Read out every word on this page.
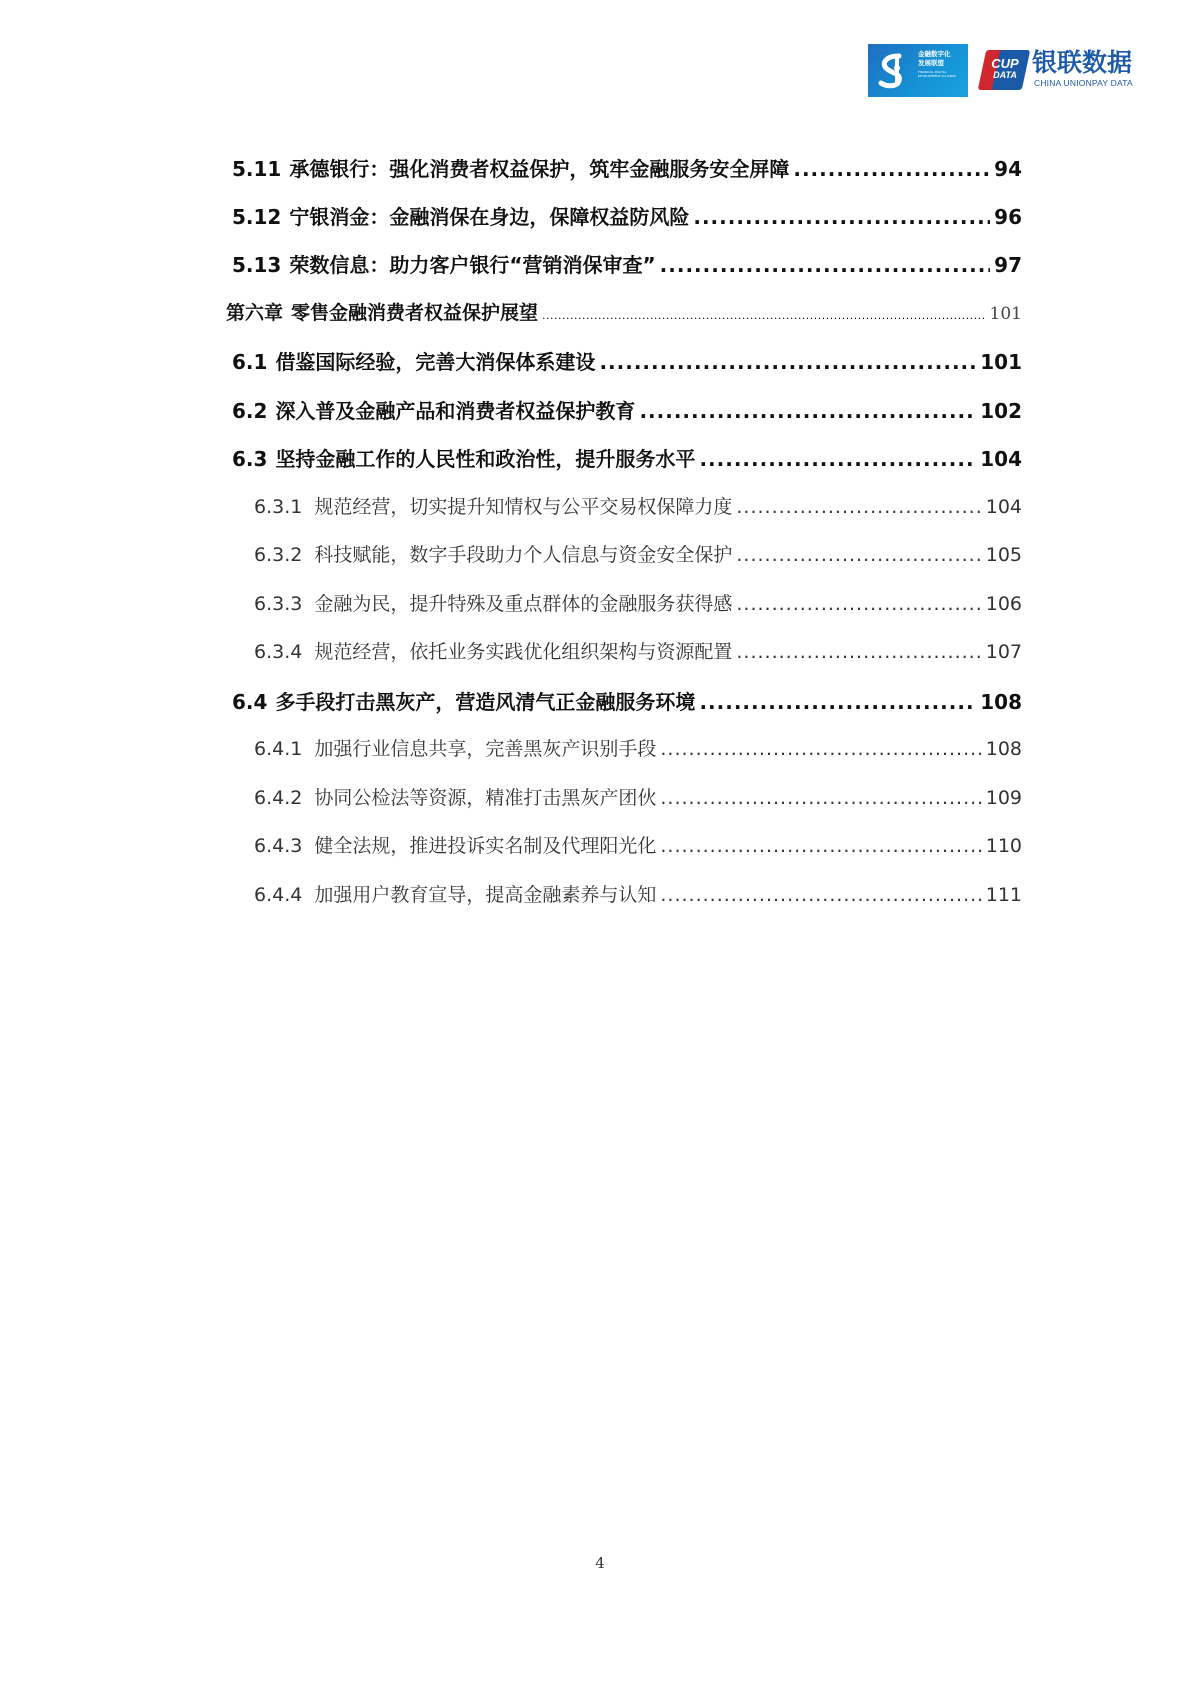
金融数字化
发展联盟
FINANCIAL DIGITAL DEVELOPMENT ALLIANCE
CUP
DATA 银联数据
CHINA UNIONPAY DATA
5.11 承德银行：强化消费者权益保护，筑牢金融服务安全屏障 .....	94
5.12 宁银消金：金融消保在身边，保障权益防风险 .....	96
5.13 荣数信息：助力客户银行“营销消保审查” .....	97
第六章 零售金融消费者权益保护展望 .....	101
6.1 借鉴国际经验，完善大消保体系建设 .....	101
6.2 深入普及金融产品和消费者权益保护教育 .....	102
6.3 坚持金融工作的人民性和政治性，提升服务水平 .....	104
6.3.1 规范经营，切实提升知情权与公平交易权保障力度 .....	104
6.3.2 科技赋能，数字手段助力个人信息与资金安全保护 .....	105
6.3.3 金融为民，提升特殊及重点群体的金融服务获得感 .....	106
6.3.4 规范经营，依托业务实践优化组织架构与资源配置 .....	107
6.4 多手段打击黑灰产，营造风清气正金融服务环境 .....	108
6.4.1 加强行业信息共享，完善黑灰产识别手段 .....	108
6.4.2 协同公检法等资源，精准打击黑灰产团伙 .....	109
6.4.3 健全法规，推进投诉实名制及代理阳光化 .....	110
6.4.4 加强用户教育宣导，提高金融素养与认知 .....	111
4
